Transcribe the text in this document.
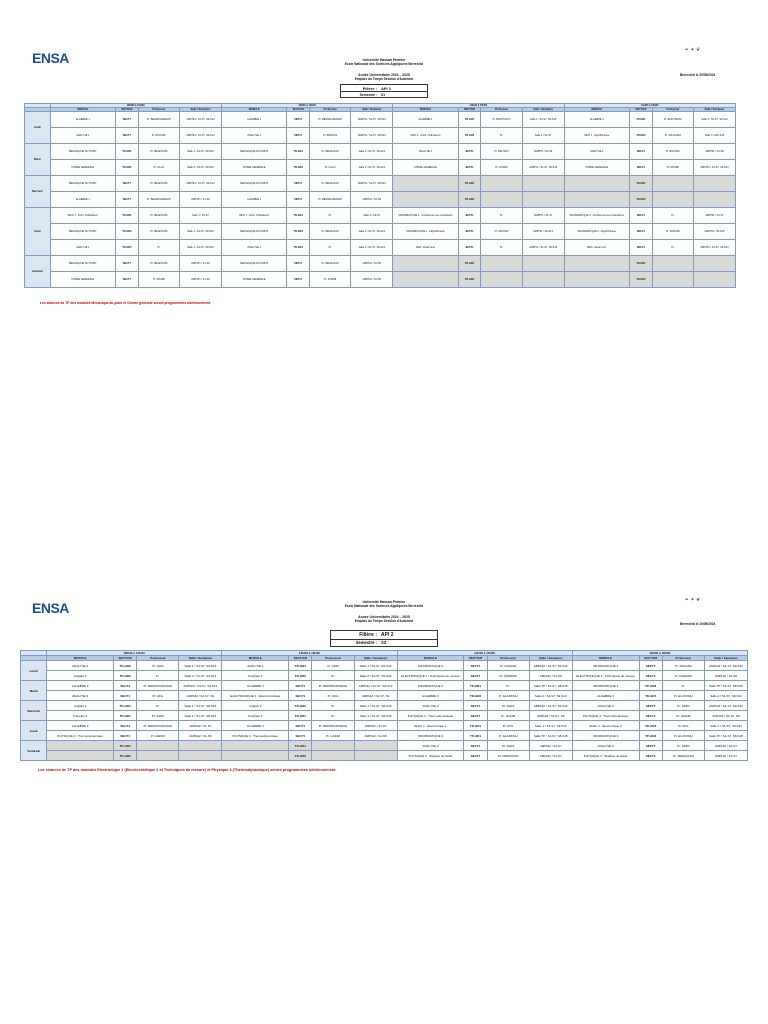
ENSA	❧ ✦ ❦
Université Hassan Premier
Ecole Nationale des Sciences Appliquées Berrechid
Année Universitaire 2024 – 2025
Emplois du Temps Session d'Automne
Berrechid le 20/09/2024
Filière :	API 1
Semestre :	S1
	08H30 à 10H20				10H30 à 12H20				14H00 à 15H50				16H00 à 18H00			
	MODULE	SECT/GR	Professeur	Salle / Semaines	MODULE	SECT/GR	Professeur	Salle / Semaines	MODULE	SECT/GR	Professeur	Salle / Semaines	MODULE	SECT/GR	Professeur	Salle / Semaines
Lundi	ALGEBRE 1	SECT1	Pr. BENMOUMADAH	AMPHI1 / S1-S7, S9-S13	ALGEBRE 1	SECT1	Pr. BENMOUMADAH	AMPHI1 / S1-S7, S9-S13	ALGEBRE 1	TD-GR1	Pr. BAKHTAOUI	Salle 1 / S1-S7, S9-S13	ALGEBRE 1	TD-GR1	Pr. BAKHTAOUI	Salle 1 / S1-S7, S9-S13
	ANALYSE 1	SECT1	Pr. BOUHAF	AMPHI1 / S1-S7, S9-S13	ANALYSE 1	SECT1	Pr. BOUHAF	AMPHI1 / S1-S7, S9-S13	INFO 1 : Archi. Ordinateurs	TD-GR3	Pr.	Salle 2 / S1-S7	INFO 1 : Algorithmique	TD-GR3	Pr. ZALOUANI	Salle 3 / S10-S13
Mardi	MECANIQUE DU POINT	TD-GR1	Pr. MESKOUDI	Salle 1 / S1-S7, S9-S13	MECANIQUE DU POINT	TD-GR1	Pr. MESKOUDI	Salle 1 / S1-S7, S9-S13	ANALYSE 1	SECT1	Pr. BELHACI	AMPHI1 / S1-S9	ANALYSE 1	SECT1	Pr. BOUHAF	AMPHI1 / S1-S9
	CHIMIE GENERALE	TD-GR2	Pr. Fouzri	Salle 2 / S1-S7, S9-S13	CHIMIE GENERALE	TD-GR2	Pr. Fouzri	Salle 2 / S1-S7, S9-S13	CHIMIE GENERALE	SECT1	Pr. DHAIBI	AMPHI1 / S1-S7, S9-S13	CHIMIE GENERALE	SECT1	Pr. DHAIBI	AMPHI1 / S1-S7, S9-S13
Mercredi	MECANIQUE DU POINT	SECT1	Pr. MESKOUDI	AMPHI1 / S1-S7, S9-S13	MECANIQUE DU POINT	SECT1	Pr. MESKOUDI	AMPHI1 / S1-S7, S9-S13		TD-GR1				TD-GR1		
	ALGEBRE 1	SECT1	Pr. BENMOUMADAH	AMPHI1 / S1-S9	ALGEBRE 1	SECT1	Pr. BENMOUMADAH	AMPHI1 / S1-S9		TD-GR4				TD-GR4		
Jeudi	INFO 1 : Archi. Ordinateurs	TD-GR1	Pr. MESKOUDI	Salle 1 / S1-S7	INFO 1 : Archi. Ordinateurs	TD-GR1	Pr.	Salle 1 / S1-S7	INFORMATIQUE 1 : Architecture des ordinateurs	SECT1	Pr.	AMPHI1 / S1-S7	INFORMATIQUE 1 : Architecture des ordinateurs	SECT1	Pr.	AMPHI1 / S1-S7
	MECANIQUE DU POINT	TD-GR3	Pr. MESKOUDI	Salle 1 / S1-S7, S9-S13	MECANIQUE DU POINT	TD-GR3	Pr. MESKOUDI	Salle 1 / S1-S7, S9-S13	INFORMATIQUE 1 : Algorithmique	SECT1	Pr. FAKHAR	AMPHI1 / S9-S13	INFORMATIQUE 1 : Algorithmique	SECT1	Pr. FAKHAR	AMPHI1 / S9-S13
	ANALYSE 1	TD-GR4	Pr.	Salle 1 / S1-S7, S9-S13	ANALYSE 1	TD-GR4	Pr.	Salle 1 / S1-S7, S9-S13	Math. travail univ.	SECT1	Pr.	AMPHI1 / S1-S7, S9-S13	Math. travail univ.	SECT1	Pr.	AMPHI1 / S1-S7, S9-S13
Vendredi	MECANIQUE DU POINT	SECT1	Pr. MESKOUDI	AMPHI1 / S1-S5	MECANIQUE DU POINT	SECT1	Pr. MESKOUDI	AMPHI1 / S1-S5		TD-GR1				TD-GR1		
	CHIMIE GENERALE	SECT1	Pr. DHAIBI	AMPHI1 / S1-S5	CHIMIE GENERALE	SECT1	Pr. DHAIBI	AMPHI1 / S1-S5		TD-GR4				TD-GR4		
Les séances de TP des modules Mécanique du point et Chimie générale seront programmées ultérieurement.
ENSA	❧ ✦ ❦
Université Hassan Premier
Ecole Nationale des Sciences Appliquées Berrechid
Année Universitaire 2024 – 2025
Emplois du Temps Session d'Automne
Berrechid le 20/09/2024
Filière : API 2
Semestre : S3
	08H30 à 10H20				10H30 à 12H20				14H00 à 15H50				16H00 à 18H00			
	MODULE	SECT/GR	Professeur	Salle / Semaines	MODULE	SECT/GR	Professeur	Salle / Semaines	MODULE	SECT/GR	Professeur	Salle / Semaines	MODULE	SECT/GR	Professeur	Salle / Semaines
Lundi	ANALYSE 3	TD-GR2	Pr. AZRI	Salle 1 / S1-S7, S9-S13	ANALYSE 3	TD-GR1	Pr. AZRI	Salle 1 / S1-S7, S9-S13	INFORMATIQUE 3	SECT1	Pr. FAKHAR	AMPHI2 / S1-S7, S9-S13	INFORMATIQUE 3	SECT1	Pr. FAKHAR	AMPHI2 / S1-S7, S9-S13
	Anglais 3	TD-GR2	Pr.	Salle 2 / S1-S7, S9-S13	Français 3	TD-GR2	Pr.	Salle 2 / S1-S7, S9-S13	ELECTRONIQUE 1 : Techniques de mesure	SECT1	Pr. FARRADI	AMPHI2 / S1-S8	ELECTRONIQUE 1 : Techniques de mesure	SECT1	Pr. FARRADI	AMPHI2 / S1-S8
Mardi	ALGEBRE 3	SECT1	Pr. BENMOUMADAH	AMPHI2 / S1-S7, S9-S13	ALGEBRE 3	SECT1	Pr. BENMOUMADAH	AMPHI2 / S1-S7, S9-S13	INFORMATIQUE 3	TP-GR1	Pr.	Salle TP / S1-S7, S8-S15	INFORMATIQUE 3	TP-GR2	Pr.	Salle TP / S1-S7, S8-S15
	ANALYSE 3	SECT1	Pr. AKIL	AMPHI2 / S1-S7, S9	ELECTRONIQUE 1 : Electrocinétique	SECT1	Pr. AKIL	AMPHI2 / S1-S7, S9	ALGEBRE 3	TD-GR2	Pr. ELANTAILI	Salle 2 / S1-S7, S9-S13	ALGEBRE 3	TD-GR1	Pr. ELANTAILI	Salle 2 / S1-S7, S9-S13
Mercredi	Anglais 3	TD-GR1	Pr.	Salle 1 / S1-S7, S8-S15	Anglais 3	TD-GR2	Pr.	Salle 1 / S1-S7, S8-S15	ANALYSE 3	SECT1	Pr. SAIDI	AMPHI2 / S1-S7, S9-S13	ANALYSE 3	SECT1	Pr. SAIDI	AMPHI2 / S1-S7, S9-S13
	Français 3	TD-GR1	Pr. SAIDI	Salle 1 / S1-S7, S8-S15	Français 3	TD-GR1	Pr.	Salle 1 / S1-S7, S8-S15	PHYSIQUE 3 : Thermodynamique	SECT1	Pr. HAKIM	AMPHI2 / S1-S7, S9	PHYSIQUE 3 : Thermodynamique	SECT1	Pr. HAKIM	AMPHI2 / S1-S7, S9
Jeudi	ALGEBRE 3	SECT1	Pr. BENMOUMADAH	AMPHI2 / S1-S7	ALGEBRE 3	SECT1	Pr. BENMOUMADAH	AMPHI2 / S1-S7	ELEC 1 : Électronique 2	TD-GR1	Pr. AKIL	Salle 1 / S1-S7, S9-S13	ELEC 1 : Électronique 2	TD-GR2	Pr. AKIL	Salle 1 / S1-S7, S9-S13
	PHYSIQUE 3 : Thermodynamique	SECT1	Pr. HAKIM	AMPHI2 / S1-S5	PHYSIQUE 3 : Thermodynamique	SECT1	Pr. HAKIM	AMPHI2 / S1-S5	INFORMATIQUE 3	TP-GR1	Pr. ELANTAILI	Salle TP / S1-S7, S8-S15	INFORMATIQUE 3	TP-GR2	Pr. ELANTAILI	Salle TP / S1-S7, S8-S15
Vendredi		TD-GR1				TD-GR1			ANALYSE 3	SECT1	Pr. SAIDI	AMPHI2 / S1-S7	ANALYSE 3	SECT1	Pr. SAIDI	AMPHI2 / S1-S7
		TD-GR2				TD-GR2			PHYSIQUE 3 : Statique de fluide	SECT1	Pr. MESKOUDI	AMPHI2 / S1-S7	PHYSIQUE 3 : Statique de fluide	SECT1	Pr. MESKOUDI	AMPHI2 / S1-S7
Les séances de TP des modules Electronique 1 (Electrocinétique 2 et Techniques de mesure) et Physique 3 (Thermodynamique) seront programmées ultérieurement.
